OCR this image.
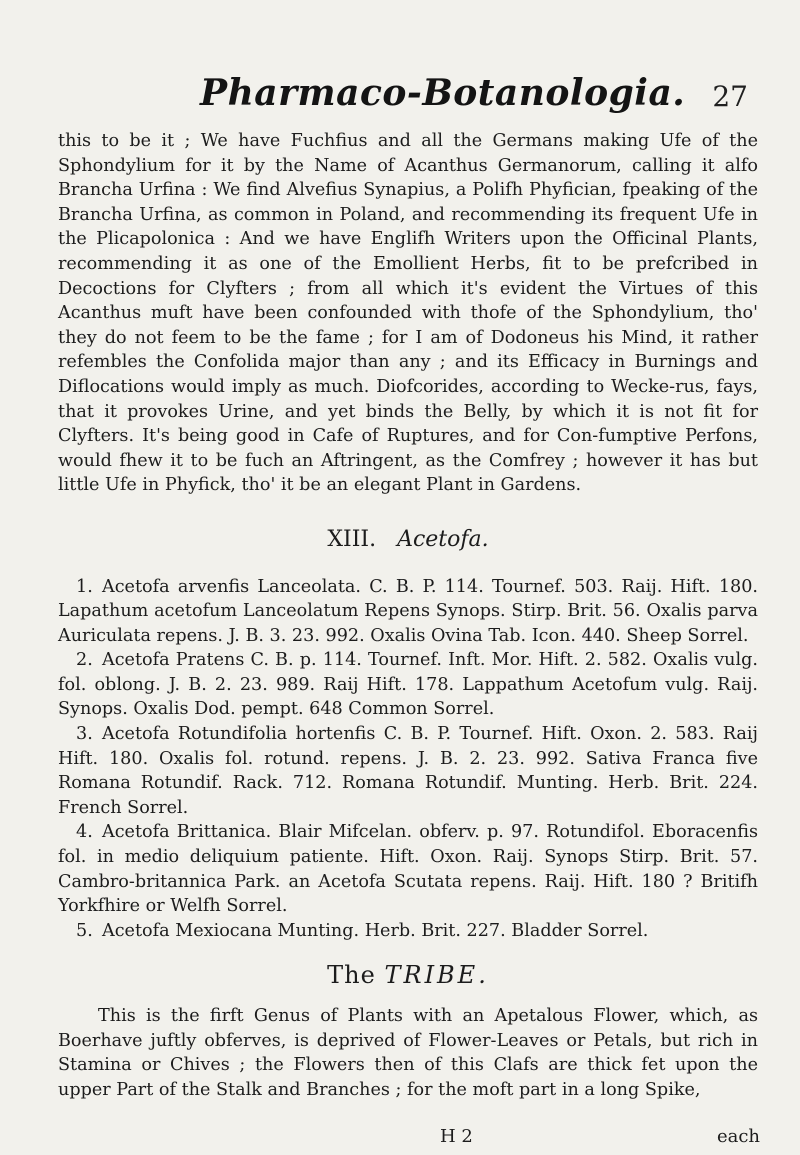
Pharmaco-Botanologia. 27

this to be it ; We have Fuchfius and all the Germans making Ufe of the Sphondylium for it by the Name of Acanthus Germanorum, calling it alfo Brancha Urfina : We find Alvefius Synapius, a Polifh Phyfician, fpeaking of the Brancha Urfina, as common in Poland, and recommending its frequent Ufe in the Plicapolonica : And we have Englifh Writers upon the Officinal Plants, recommending it as one of the Emollient Herbs, fit to be prefcribed in Decoctions for Clyfters ; from all which it's evident the Virtues of this Acanthus muft have been confounded with thofe of the Sphondylium, tho' they do not feem to be the fame ; for I am of Dodoneus his Mind, it rather refembles the Confolida major than any ; and its Efficacy in Burnings and Diflocations would imply as much. Diofcorides, according to Wecke-rus, fays, that it provokes Urine, and yet binds the Belly, by which it is not fit for Clyfters. It's being good in Cafe of Ruptures, and for Con-fumptive Perfons, would fhew it to be fuch an Aftringent, as the Comfrey ; however it has but little Ufe in Phyfick, tho' it be an elegant Plant in Gardens.

XIII. Acetofa.

1. Acetofa arvenfis Lanceolata. C. B. P. 114. Tournef. 503. Raij. Hift. 180. Lapathum acetofum Lanceolatum Repens Synops. Stirp. Brit. 56. Oxalis parva Auriculata repens. J. B. 3. 23. 992. Oxalis Ovina Tab. Icon. 440. Sheep Sorrel.

2. Acetofa Pratens C. B. p. 114. Tournef. Inft. Mor. Hift. 2. 582. Oxalis vulg. fol. oblong. J. B. 2. 23. 989. Raij Hift. 178. Lappathum Acetofum vulg. Raij. Synops. Oxalis Dod. pempt. 648 Common Sorrel.

3. Acetofa Rotundifolia hortenfis C. B. P. Tournef. Hift. Oxon. 2. 583. Raij Hift. 180. Oxalis fol. rotund. repens. J. B. 2. 23. 992. Sativa Franca five Romana Rotundif. Rack. 712. Romana Rotundif. Munting. Herb. Brit. 224. French Sorrel.

4. Acetofa Brittanica. Blair Mifcelan. obferv. p. 97. Rotundifol. Eboracenfis fol. in medio deliquium patiente. Hift. Oxon. Raij. Synops Stirp. Brit. 57. Cambro-britannica Park. an Acetofa Scutata repens. Raij. Hift. 180 ? Britifh Yorkfhire or Welfh Sorrel.

5. Acetofa Mexiocana Munting. Herb. Brit. 227. Bladder Sorrel.

The TRIBE.

This is the firft Genus of Plants with an Apetalous Flower, which, as Boerhave juftly obferves, is deprived of Flower-Leaves or Petals, but rich in Stamina or Chives ; the Flowers then of this Clafs are thick fet upon the upper Part of the Stalk and Branches ; for the moft part in a long Spike,

H 2	each
